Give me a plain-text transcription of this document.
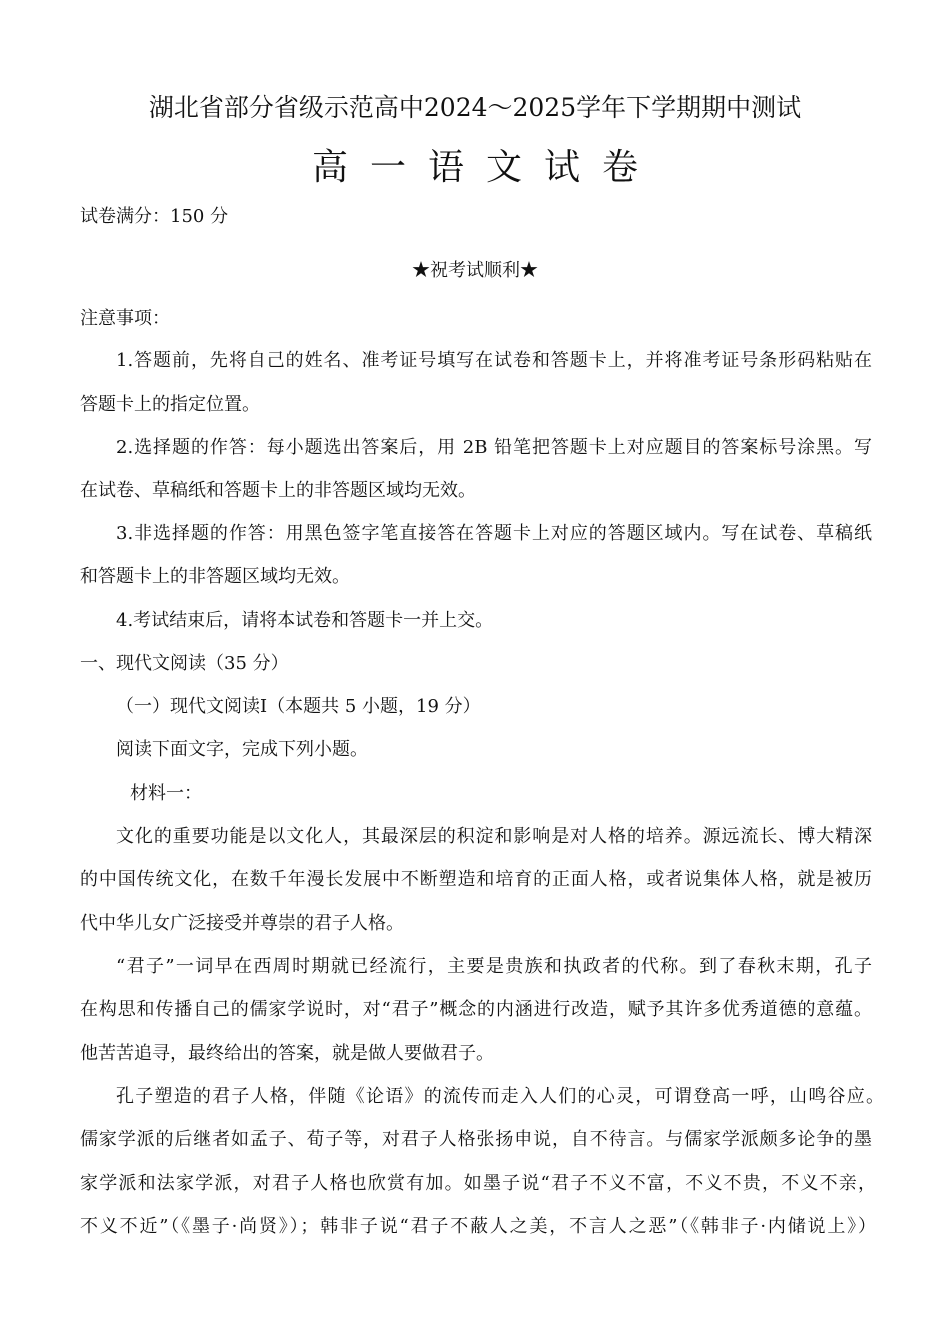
湖北省部分省级示范高中2024～2025学年下学期期中测试
高一语文试卷
试卷满分：150 分
★祝考试顺利★
注意事项：
1.答题前，先将自己的姓名、准考证号填写在试卷和答题卡上，并将准考证号条形码粘贴在
答题卡上的指定位置。
2.选择题的作答：每小题选出答案后，用 2B 铅笔把答题卡上对应题目的答案标号涂黑。写
在试卷、草稿纸和答题卡上的非答题区域均无效。
3.非选择题的作答：用黑色签字笔直接答在答题卡上对应的答题区域内。写在试卷、草稿纸
和答题卡上的非答题区域均无效。
4.考试结束后，请将本试卷和答题卡一并上交。
一、现代文阅读（35 分）
（一）现代文阅读Ⅰ（本题共 5 小题，19 分）
阅读下面文字，完成下列小题。
材料一：
文化的重要功能是以文化人，其最深层的积淀和影响是对人格的培养。源远流长、博大精深
的中国传统文化，在数千年漫长发展中不断塑造和培育的正面人格，或者说集体人格，就是被历
代中华儿女广泛接受并尊崇的君子人格。
“君子”一词早在西周时期就已经流行，主要是贵族和执政者的代称。到了春秋末期，孔子
在构思和传播自己的儒家学说时，对“君子”概念的内涵进行改造，赋予其许多优秀道德的意蕴。
他苦苦追寻，最终给出的答案，就是做人要做君子。
孔子塑造的君子人格，伴随《论语》的流传而走入人们的心灵，可谓登高一呼，山鸣谷应。
儒家学派的后继者如孟子、荀子等，对君子人格张扬申说，自不待言。与儒家学派颇多论争的墨
家学派和法家学派，对君子人格也欣赏有加。如墨子说“君子不义不富，不义不贵，不义不亲，
不义不近”（《墨子·尚贤》）；韩非子说“君子不蔽人之美，不言人之恶”（《韩非子·内储说上》）
